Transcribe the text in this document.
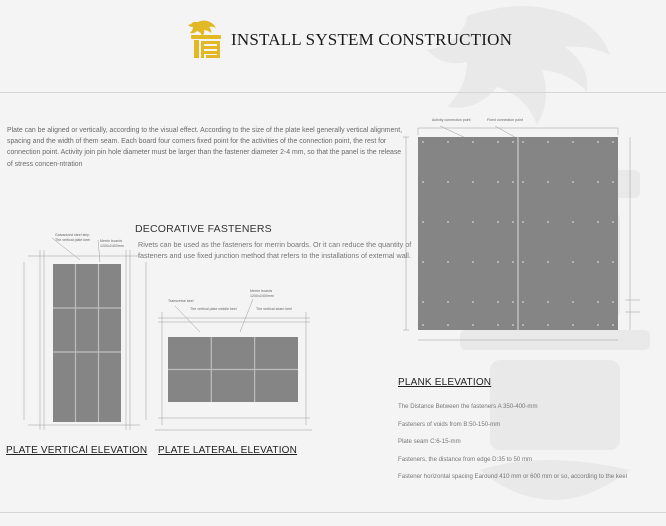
INSTALL SYSTEM CONSTRUCTION

Plate can be aligned or vertically, according to the visual effect. According to the size of the plate keel generally vertical alignment, spacing and the width of them seam. Each board four corners fixed point for the activities of the connection point, the rest for connection point. Activity join pin hole diameter must be larger than the fastener diameter 2-4 mm, so that the panel is the release of stress concen-ntration

DECORATIVE FASTENERS

Rivets can be used as the fasteners for merrin boards. Or it can reduce the quantity of fasteners and use fixed junction method that refers to the installations of external wall.

Galvanized steel strip
The vertical plate keel	Merrin boards
1200x2400mm
Transverse keel
The vertical plate middle keel
Merrin boards
1200x2400mm
The vertical seam keel
Activity connection point	Fixed connection point
PLATE VERTICAl ELEVATION PLATE LATERAL ELEVATION
PLANK ELEVATION
The Distance Between the fasteners A 350-400-mm
Fasteners of voids from B:50-150-mm
Plate seam C:6-15-mm
Fasteners, the distance from edge D:35 to 50 mm
Fastener horizontal spacing Earound 410 mm or 600 mm or so, according to the keel
